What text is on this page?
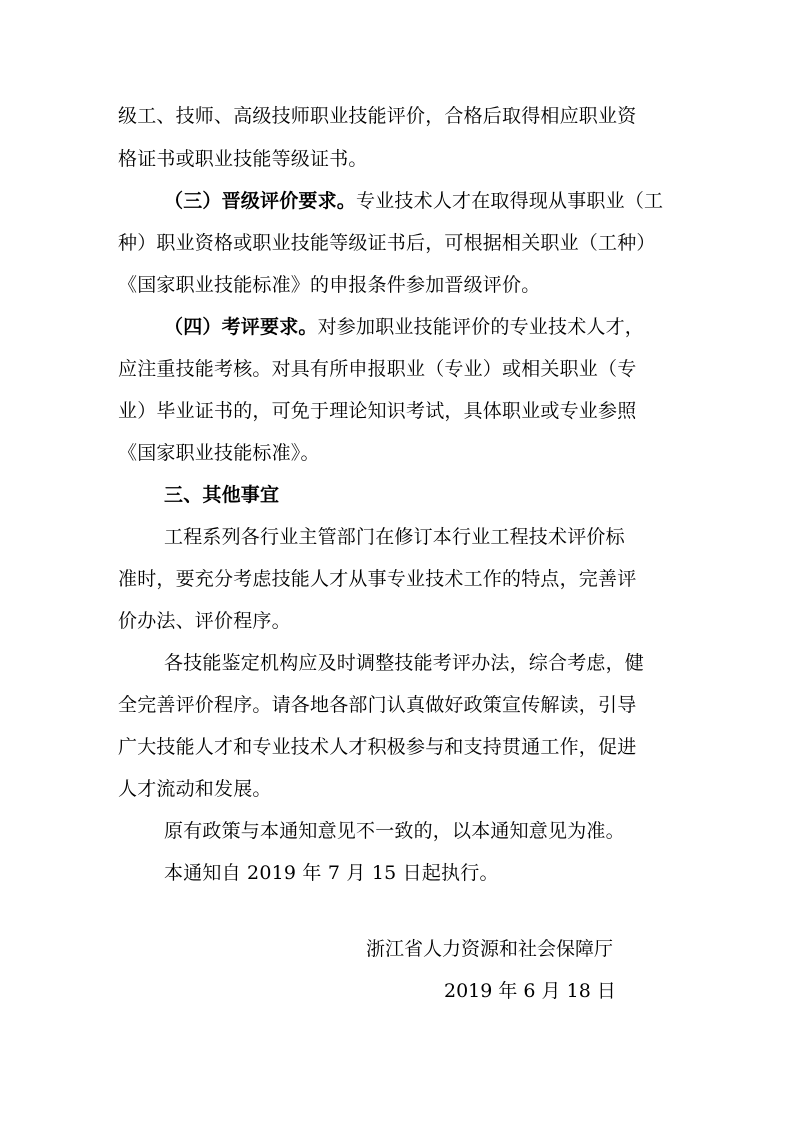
级工、技师、高级技师职业技能评价，合格后取得相应职业资
格证书或职业技能等级证书。
（三）晋级评价要求。专业技术人才在取得现从事职业（工
种）职业资格或职业技能等级证书后，可根据相关职业（工种）
《国家职业技能标准》的申报条件参加晋级评价。
（四）考评要求。对参加职业技能评价的专业技术人才，
应注重技能考核。对具有所申报职业（专业）或相关职业（专
业）毕业证书的，可免于理论知识考试，具体职业或专业参照
《国家职业技能标准》。
三、其他事宜
工程系列各行业主管部门在修订本行业工程技术评价标
准时，要充分考虑技能人才从事专业技术工作的特点，完善评
价办法、评价程序。
各技能鉴定机构应及时调整技能考评办法，综合考虑，健
全完善评价程序。请各地各部门认真做好政策宣传解读，引导
广大技能人才和专业技术人才积极参与和支持贯通工作，促进
人才流动和发展。
原有政策与本通知意见不一致的，以本通知意见为准。
本通知自 2019 年 7 月 15 日起执行。
浙江省人力资源和社会保障厅
2019 年 6 月 18 日
